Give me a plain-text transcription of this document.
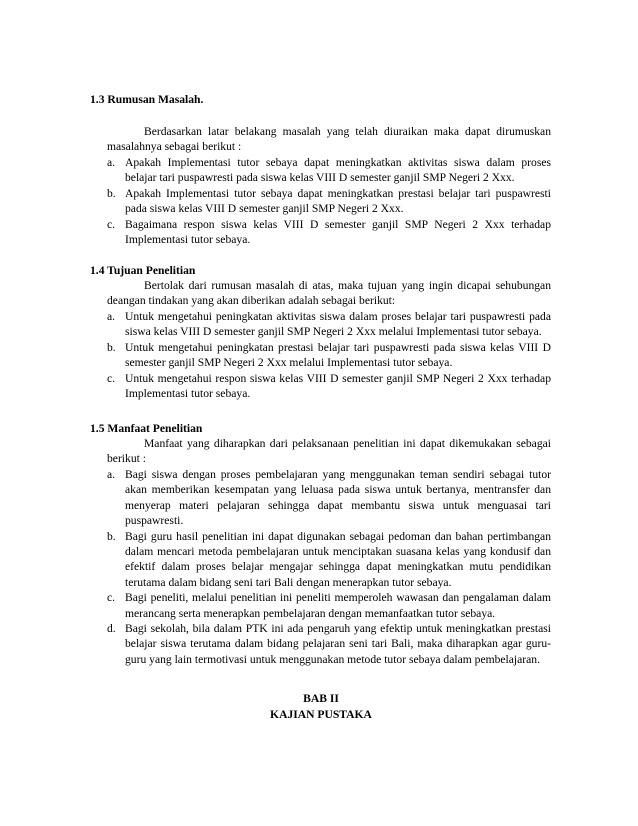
1.3 Rumusan Masalah.
Berdasarkan latar belakang masalah yang telah diuraikan maka dapat dirumuskan masalahnya sebagai berikut :
a. Apakah Implementasi tutor sebaya dapat meningkatkan aktivitas siswa dalam proses belajar tari puspawresti pada siswa kelas VIII D semester ganjil SMP Negeri 2 Xxx.
b. Apakah Implementasi tutor sebaya dapat meningkatkan prestasi belajar tari puspawresti pada siswa kelas VIII D semester ganjil SMP Negeri 2 Xxx.
c. Bagaimana respon siswa kelas VIII D semester ganjil SMP Negeri 2 Xxx terhadap Implementasi tutor sebaya.
1.4 Tujuan Penelitian
Bertolak dari rumusan masalah di atas, maka tujuan yang ingin dicapai sehubungan deangan tindakan yang akan diberikan adalah sebagai berikut:
a. Untuk mengetahui peningkatan aktivitas siswa dalam proses belajar tari puspawresti pada siswa kelas VIII D semester ganjil SMP Negeri 2 Xxx melalui Implementasi tutor sebaya.
b. Untuk mengetahui peningkatan prestasi belajar tari puspawresti pada siswa kelas VIII D semester ganjil SMP Negeri 2 Xxx melalui Implementasi tutor sebaya.
c. Untuk mengetahui respon siswa kelas VIII D semester ganjil SMP Negeri 2 Xxx terhadap Implementasi tutor sebaya.
1.5 Manfaat Penelitian
Manfaat yang diharapkan dari pelaksanaan penelitian ini dapat dikemukakan sebagai berikut :
a. Bagi siswa dengan proses pembelajaran yang menggunakan teman sendiri sebagai tutor akan memberikan kesempatan yang leluasa pada siswa untuk bertanya, mentransfer dan menyerap materi pelajaran sehingga dapat membantu siswa untuk menguasai tari puspawresti.
b. Bagi guru hasil penelitian ini dapat digunakan sebagai pedoman dan bahan pertimbangan dalam mencari metoda pembelajaran untuk menciptakan suasana kelas yang kondusif dan efektif dalam proses belajar mengajar sehingga dapat meningkatkan mutu pendidikan terutama dalam bidang seni tari Bali dengan menerapkan tutor sebaya.
c. Bagi peneliti, melalui penelitian ini peneliti memperoleh wawasan dan pengalaman dalam merancang serta menerapkan pembelajaran dengan memanfaatkan tutor sebaya.
d. Bagi sekolah, bila dalam PTK ini ada pengaruh yang efektip untuk meningkatkan prestasi belajar siswa terutama dalam bidang pelajaran seni tari Bali, maka diharapkan agar guru-guru yang lain termotivasi untuk menggunakan metode tutor sebaya dalam pembelajaran.
BAB II
KAJIAN PUSTAKA
